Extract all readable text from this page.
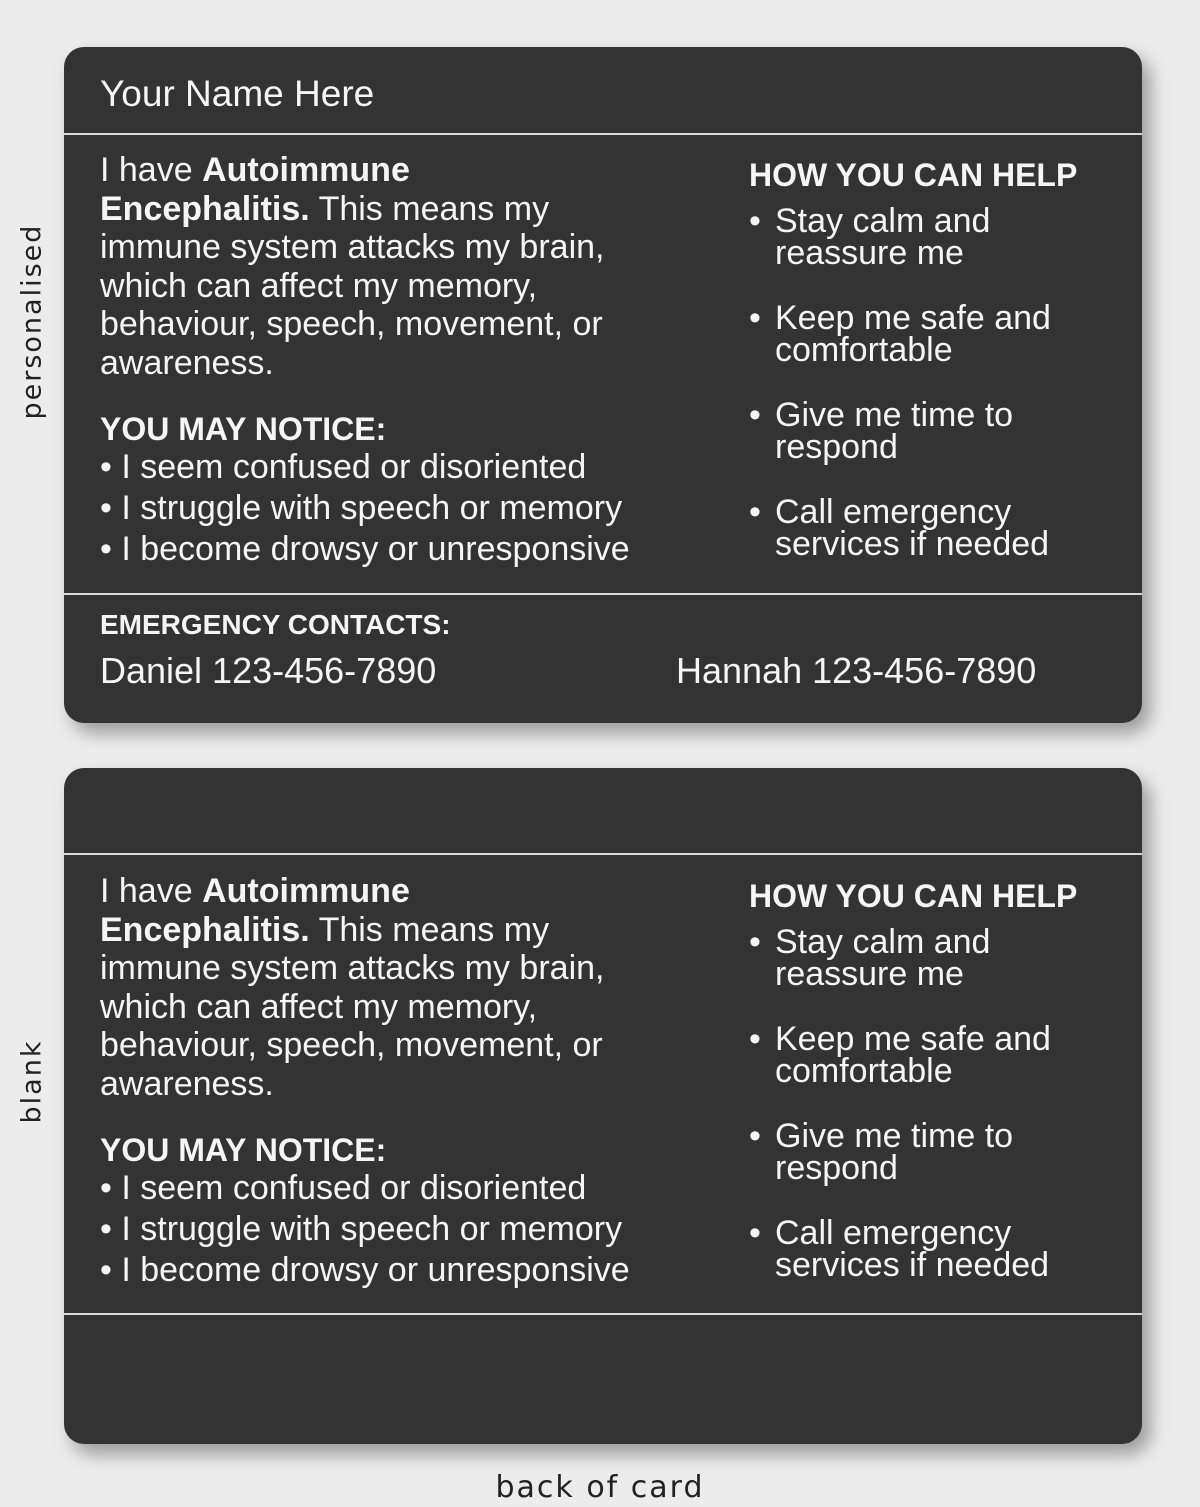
personalised
blank
Your Name Here
I have Autoimmune Encephalitis. This means my immune system attacks my brain, which can affect my memory, behaviour, speech, movement, or awareness.
YOU MAY NOTICE:
• I seem confused or disoriented
• I struggle with speech or memory
• I become drowsy or unresponsive
HOW YOU CAN HELP
• Stay calm and reassure me
• Keep me safe and comfortable
• Give me time to respond
• Call emergency services if needed
EMERGENCY CONTACTS:
Daniel 123-456-7890	Hannah 123-456-7890
I have Autoimmune Encephalitis. This means my immune system attacks my brain, which can affect my memory, behaviour, speech, movement, or awareness.
YOU MAY NOTICE:
• I seem confused or disoriented
• I struggle with speech or memory
• I become drowsy or unresponsive
HOW YOU CAN HELP
• Stay calm and reassure me
• Keep me safe and comfortable
• Give me time to respond
• Call emergency services if needed
back of card
